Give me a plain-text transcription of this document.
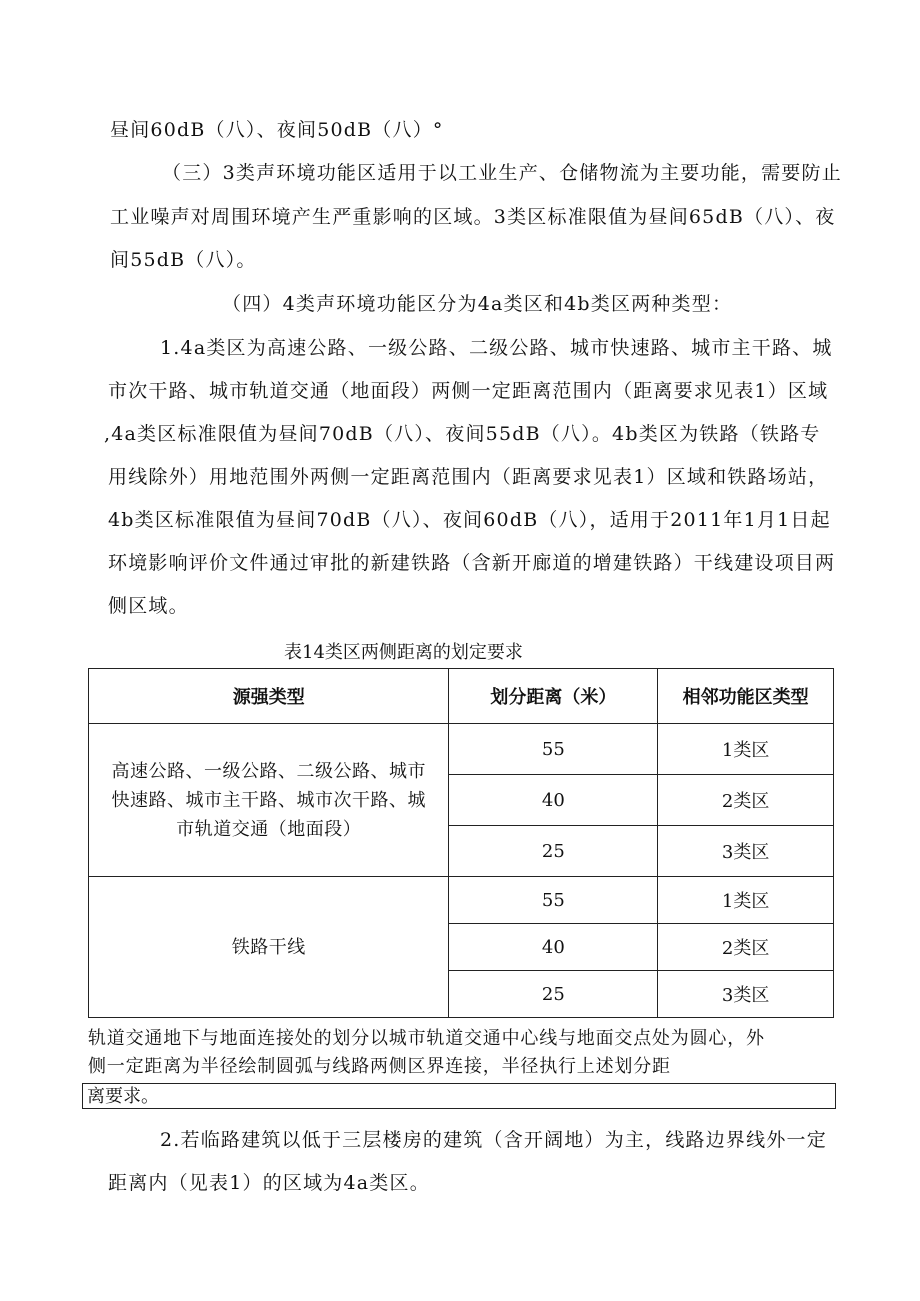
昼间60dB（八）、夜间50dB（八）°
（三）3类声环境功能区适用于以工业生产、仓储物流为主要功能，需要防止
工业噪声对周围环境产生严重影响的区域。3类区标准限值为昼间65dB（八）、夜
间55dB（八）。
（四）4类声环境功能区分为4a类区和4b类区两种类型：
1.4a类区为高速公路、一级公路、二级公路、城市快速路、城市主干路、城
市次干路、城市轨道交通（地面段）两侧一定距离范围内（距离要求见表1）区域
,4a类区标准限值为昼间70dB（八）、夜间55dB（八）。4b类区为铁路（铁路专
用线除外）用地范围外两侧一定距离范围内（距离要求见表1）区域和铁路场站，
4b类区标准限值为昼间70dB（八）、夜间60dB（八），适用于2011年1月1日起
环境影响评价文件通过审批的新建铁路（含新开廊道的增建铁路）干线建设项目两
侧区域。
表14类区两侧距离的划定要求
源强类型	划分距离（米）	相邻功能区类型

高速公路、一级公路、二级公路、城市
快速路、城市主干路、城市次干路、城
市轨道交通（地面段）	55	1类区
	40	2类区
	25	3类区
铁路干线	55	1类区
	40	2类区
	25	3类区
轨道交通地下与地面连接处的划分以城市轨道交通中心线与地面交点处为圆心，外
侧一定距离为半径绘制圆弧与线路两侧区界连接，半径执行上述划分距
离要求。
2.若临路建筑以低于三层楼房的建筑（含开阔地）为主，线路边界线外一定
距离内（见表1）的区域为4a类区。
